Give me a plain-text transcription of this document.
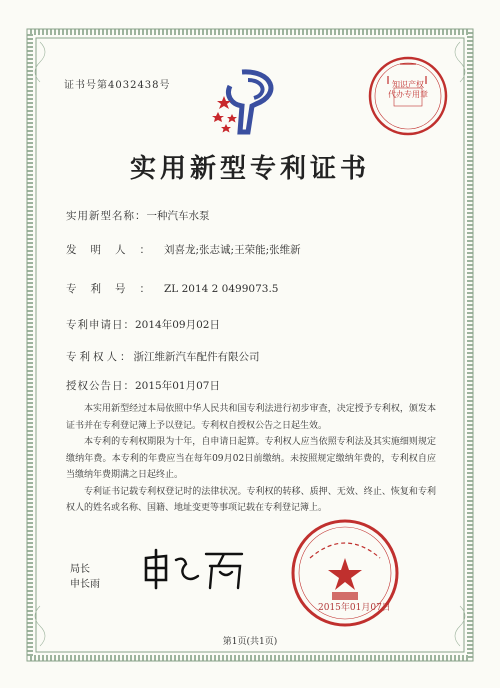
知识产权
代办专用章
证书号第4032438号
实用新型专利证书
实用新型名称：一种汽车水泵
发明人：刘喜龙;张志诚;王荣能;张维新
专利号：ZL 2014 2 0499073.5
专利申请日：2014年09月02日
专利权人：浙江维新汽车配件有限公司
授权公告日：2015年01月07日

本实用新型经过本局依照中华人民共和国专利法进行初步审查，决定授予专利权，颁发本证书并在专利登记簿上予以登记。专利权自授权公告之日起生效。

本专利的专利权期限为十年，自申请日起算。专利权人应当依照专利法及其实施细则规定缴纳年费。本专利的年费应当在每年09月02日前缴纳。未按照规定缴纳年费的，专利权自应当缴纳年费期满之日起终止。

专利证书记载专利权登记时的法律状况。专利权的转移、质押、无效、终止、恢复和专利权人的姓名或名称、国籍、地址变更等事项记载在专利登记簿上。

局长
申长雨
2015年01月07日
第1页(共1页)
